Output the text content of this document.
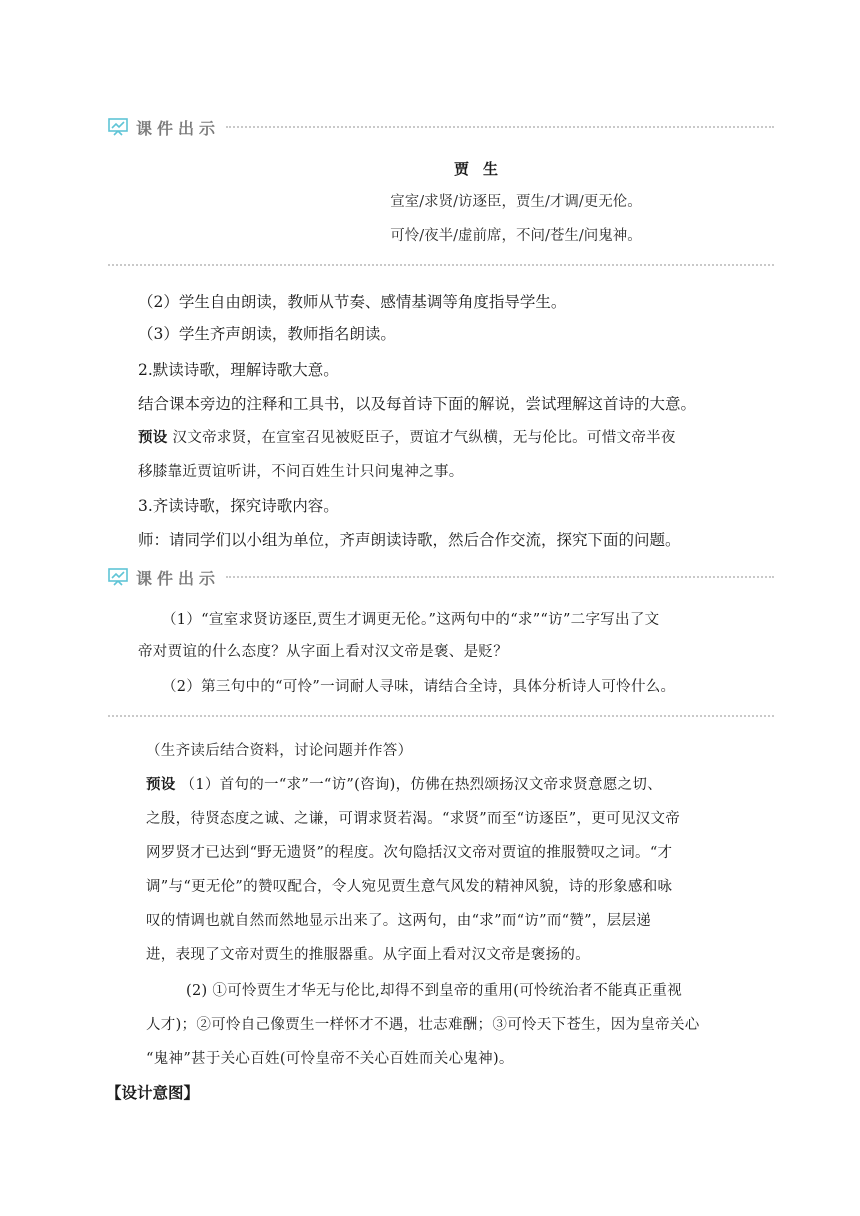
课件出示
贾生
宣室/求贤/访逐臣，贾生/才调/更无伦。
可怜/夜半/虚前席，不问/苍生/问鬼神。
（2）学生自由朗读，教师从节奏、感情基调等角度指导学生。
（3）学生齐声朗读，教师指名朗读。
2.默读诗歌，理解诗歌大意。
结合课本旁边的注释和工具书，以及每首诗下面的解说，尝试理解这首诗的大意。
预设 汉文帝求贤，在宣室召见被贬臣子，贾谊才气纵横，无与伦比。可惜文帝半夜
移膝靠近贾谊听讲，不问百姓生计只问鬼神之事。
3.齐读诗歌，探究诗歌内容。
师：请同学们以小组为单位，齐声朗读诗歌，然后合作交流，探究下面的问题。
课件出示
（1）“宣室求贤访逐臣,贾生才调更无伦。”这两句中的“求”“访”二字写出了文
帝对贾谊的什么态度？从字面上看对汉文帝是褒、是贬？
（2）第三句中的“可怜”一词耐人寻味，请结合全诗，具体分析诗人可怜什么。
（生齐读后结合资料，讨论问题并作答）
预设 （1）首句的一“求”一“访”(咨询)，仿佛在热烈颂扬汉文帝求贤意愿之切、
之殷，待贤态度之诚、之谦，可谓求贤若渴。“求贤”而至“访逐臣”，更可见汉文帝
网罗贤才已达到“野无遗贤”的程度。次句隐括汉文帝对贾谊的推服赞叹之词。“才
调”与“更无伦”的赞叹配合，令人宛见贾生意气风发的精神风貌，诗的形象感和咏
叹的情调也就自然而然地显示出来了。这两句，由“求”而“访”而“赞”，层层递
进，表现了文帝对贾生的推服器重。从字面上看对汉文帝是褒扬的。
(2) ①可怜贾生才华无与伦比,却得不到皇帝的重用(可怜统治者不能真正重视
人才)；②可怜自己像贾生一样怀才不遇，壮志难酬；③可怜天下苍生，因为皇帝关心
“鬼神”甚于关心百姓(可怜皇帝不关心百姓而关心鬼神)。
【设计意图】
